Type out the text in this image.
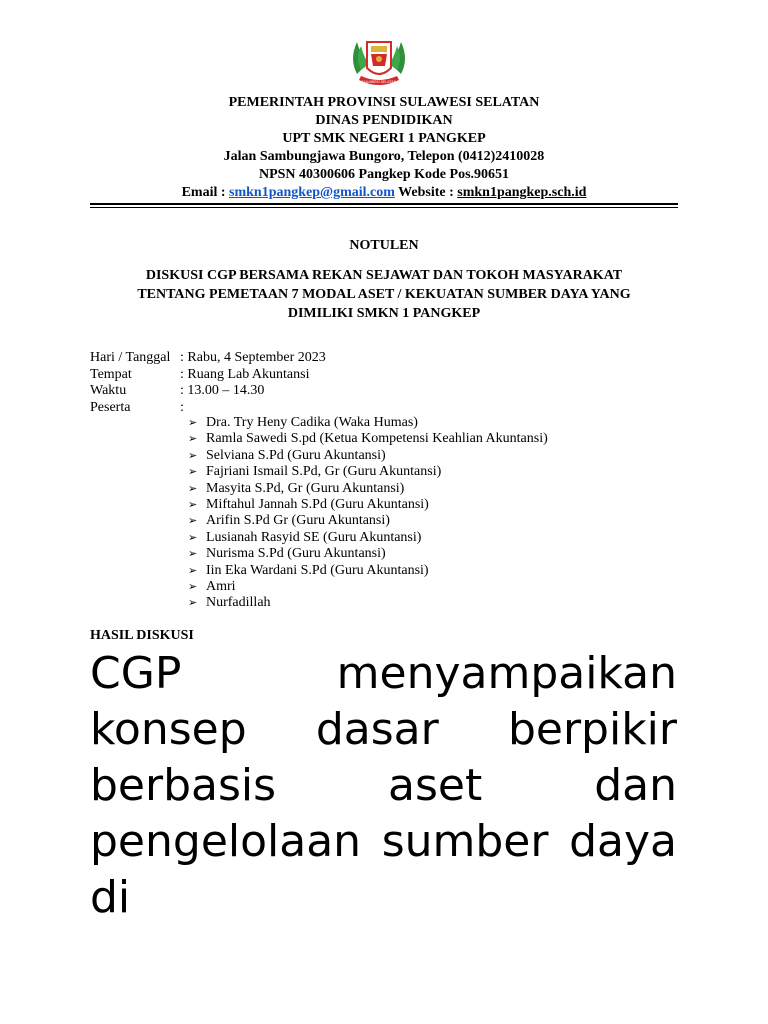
SULAWESI SELATAN
PEMERINTAH PROVINSI SULAWESI SELATAN
DINAS PENDIDIKAN
UPT SMK NEGERI 1 PANGKEP
Jalan Sambungjawa Bungoro, Telepon (0412)2410028
NPSN 40300606 Pangkep Kode Pos.90651
Email : smkn1pangkep@gmail.com Website : smkn1pangkep.sch.id
NOTULEN
DISKUSI CGP BERSAMA REKAN SEJAWAT DAN TOKOH MASYARAKAT
TENTANG PEMETAAN 7 MODAL ASET / KEKUATAN SUMBER DAYA YANG
DIMILIKI SMKN 1 PANGKEP
Hari / Tanggal : Rabu, 4 September 2023
Tempat	: Ruang Lab Akuntansi
Waktu	: 13.00 – 14.30
Peserta	:
➢ Dra. Try Heny Cadika (Waka Humas)
➢ Ramla Sawedi S.pd (Ketua Kompetensi Keahlian Akuntansi)
➢ Selviana S.Pd (Guru Akuntansi)
➢ Fajriani Ismail S.Pd, Gr (Guru Akuntansi)
➢ Masyita S.Pd, Gr (Guru Akuntansi)
➢ Miftahul Jannah S.Pd (Guru Akuntansi)
➢ Arifin S.Pd Gr (Guru Akuntansi)
➢ Lusianah Rasyid SE (Guru Akuntansi)
➢ Nurisma S.Pd (Guru Akuntansi)
➢ Iin Eka Wardani S.Pd (Guru Akuntansi)
➢ Amri
➢ Nurfadillah
HASIL DISKUSI
CGP menyampaikan konsep dasar berpikir berbasis aset dan pengelolaan sumber daya di
